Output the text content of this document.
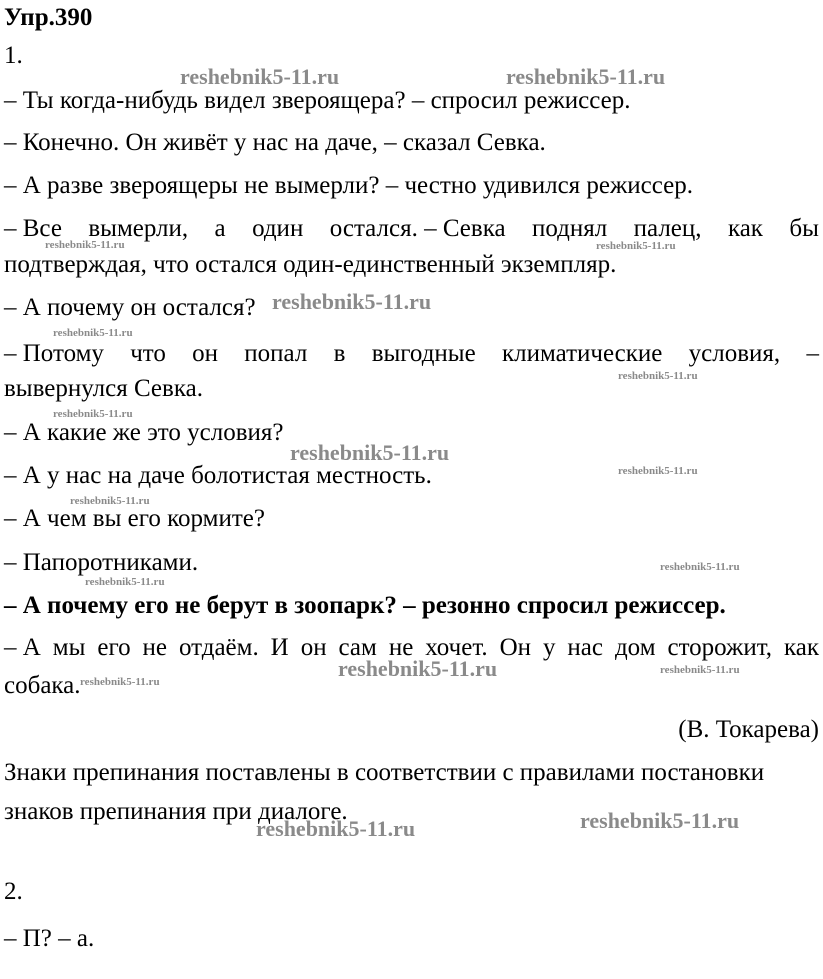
Упр.390
1.
– Ты когда-нибудь видел звероящера? – спросил режиссер.
– Конечно. Он живёт у нас на даче, – сказал Севка.
– А разве звероящеры не вымерли? – честно удивился режиссер.
– Все вымерли, а один остался. – Севка поднял палец, как бы
подтверждая, что остался один-единственный экземпляр.
– А почему он остался?
– Потому что он попал в выгодные климатические условия, –
вывернулся Севка.
– А какие же это условия?
– А у нас на даче болотистая местность.
– А чем вы его кормите?
– Папоротниками.
– А почему его не берут в зоопарк? – резонно спросил режиссер.
– А мы его не отдаём. И он сам не хочет. Он у нас дом сторожит, как
собака.
(В. Токарева)
Знаки препинания поставлены в соответствии с правилами постановки
знаков препинания при диалоге.
2.
– П? – а.
reshebnik5-11.ru	reshebnik5-11.ru
reshebnik5-11.ru	reshebnik5-11.ru
reshebnik5-11.ru
reshebnik5-11.ru
reshebnik5-11.ru
reshebnik5-11.ru
reshebnik5-11.ru
reshebnik5-11.ru
reshebnik5-11.ru
reshebnik5-11.ru
reshebnik5-11.ru
reshebnik5-11.ru	reshebnik5-11.ru
reshebnik5-11.ru
reshebnik5-11.ru	reshebnik5-11.ru
